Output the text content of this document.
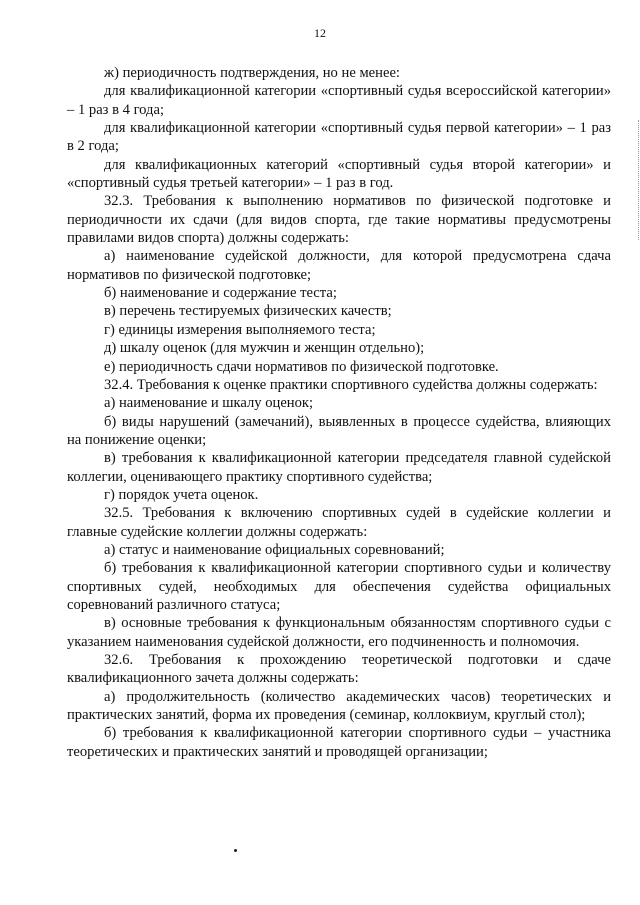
12

ж) периодичность подтверждения, но не менее:

для квалификационной категории «спортивный судья всероссийской категории» – 1 раз в 4 года;

для квалификационной категории «спортивный судья первой категории» – 1 раз в 2 года;

для квалификационных категорий «спортивный судья второй категории» и «спортивный судья третьей категории» – 1 раз в год.

32.3. Требования к выполнению нормативов по физической подготовке и периодичности их сдачи (для видов спорта, где такие нормативы предусмотрены правилами видов спорта) должны содержать:

а) наименование судейской должности, для которой предусмотрена сдача нормативов по физической подготовке;

б) наименование и содержание теста;

в) перечень тестируемых физических качеств;

г) единицы измерения выполняемого теста;

д) шкалу оценок (для мужчин и женщин отдельно);

е) периодичность сдачи нормативов по физической подготовке.

32.4. Требования к оценке практики спортивного судейства должны содержать:

а) наименование и шкалу оценок;

б) виды нарушений (замечаний), выявленных в процессе судейства, влияющих на понижение оценки;

в) требования к квалификационной категории председателя главной судейской коллегии, оценивающего практику спортивного судейства;

г) порядок учета оценок.

32.5. Требования к включению спортивных судей в судейские коллегии и главные судейские коллегии должны содержать:

а) статус и наименование официальных соревнований;

б) требования к квалификационной категории спортивного судьи и количеству спортивных судей, необходимых для обеспечения судейства официальных соревнований различного статуса;

в) основные требования к функциональным обязанностям спортивного судьи с указанием наименования судейской должности, его подчиненность и полномочия.

32.6. Требования к прохождению теоретической подготовки и сдаче квалификационного зачета должны содержать:

а) продолжительность (количество академических часов) теоретических и практических занятий, форма их проведения (семинар, коллоквиум, круглый стол);

б) требования к квалификационной категории спортивного судьи – участника теоретических и практических занятий и проводящей организации;
